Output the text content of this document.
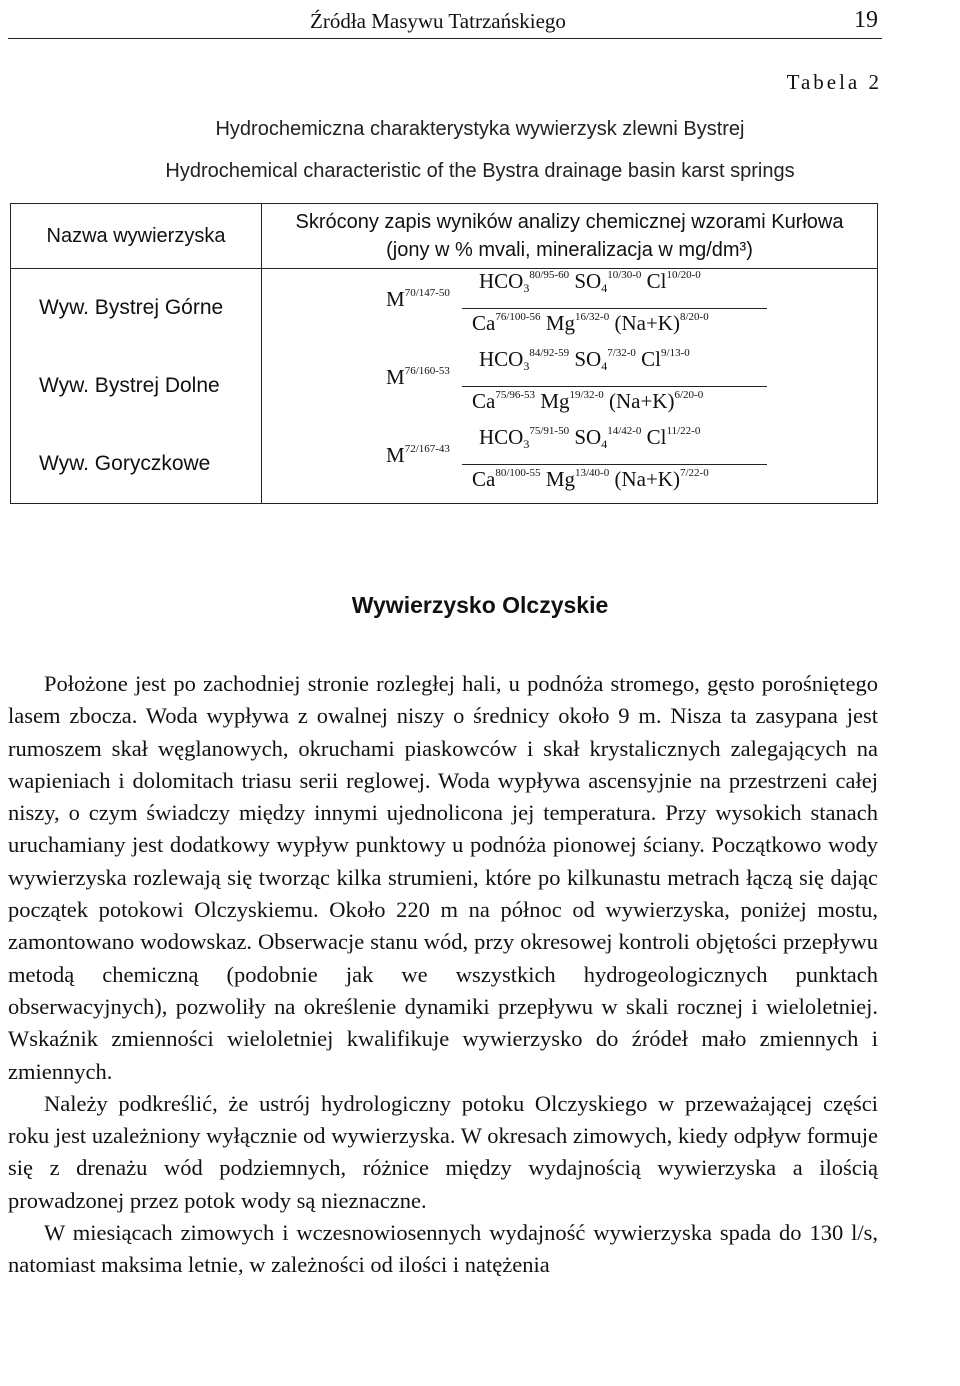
Źródła Masywu Tatrzańskiego	19
Tabela 2
Hydrochemiczna charakterystyka wywierzysk zlewni Bystrej
Hydrochemical characteristic of the Bystra drainage basin karst springs
Nazwa wywierzyska	Skrócony zapis wyników analizy chemicznej wzorami Kurłowa
(jony w % mvali, mineralizacja w mg/dm³)

Wyw. Bystrej Górne	$M^{70/147-50}$ $HCO_3^{80/95-60}$ $SO_4^{10/30-0}$ $Cl^{10/20-0}$
$Ca^{76/100-56}$ $Mg^{16/32-0}$ $(Na+K)^{8/20-0}$

Wyw. Bystrej Dolne	$M^{76/160-53}$ $HCO_3^{84/92-59}$ $SO_4^{7/32-0}$ $Cl^{9/13-0}$
$Ca^{75/96-53}$ $Mg^{19/32-0}$ $(Na+K)^{6/20-0}$

Wyw. Goryczkowe	$M^{72/167-43}$ $HCO_3^{75/91-50}$ $SO_4^{14/42-0}$ $Cl^{11/22-0}$
$Ca^{80/100-55}$ $Mg^{13/40-0}$ $(Na+K)^{7/22-0}$
Wywierzysko Olczyskie

Położone jest po zachodniej stronie rozległej hali, u podnóża stromego, gęsto porośniętego lasem zbocza. Woda wypływa z owalnej niszy o średnicy około 9 m. Nisza ta zasypana jest rumoszem skał węglanowych, okruchami piaskowców i skał krystalicznych zalegających na wapieniach i dolomitach triasu serii reglowej. Woda wypływa ascensyjnie na przestrzeni całej niszy, o czym świadczy między innymi ujednolicona jej temperatura. Przy wysokich stanach uruchamiany jest dodatkowy wypływ punktowy u podnóża pionowej ściany. Początkowo wody wywierzyska rozlewają się tworząc kilka strumieni, które po kilkunastu metrach łączą się dając początek potokowi Olczyskiemu. Około 220 m na północ od wywierzyska, poniżej mostu, zamontowano wodowskaz. Obserwacje stanu wód, przy okresowej kontroli objętości przepływu metodą chemiczną (podobnie jak we wszystkich hydrogeologicznych punktach obserwacyjnych), pozwoliły na określenie dynamiki przepływu w skali rocznej i wieloletniej. Wskaźnik zmienności wieloletniej kwalifikuje wywierzysko do źródeł mało zmiennych i zmiennych.

Należy podkreślić, że ustrój hydrologiczny potoku Olczyskiego w przeważającej części roku jest uzależniony wyłącznie od wywierzyska. W okresach zimowych, kiedy odpływ formuje się z drenażu wód podziemnych, różnice między wydajnością wywierzyska a ilością prowadzonej przez potok wody są nieznaczne.

W miesiącach zimowych i wczesnowiosennych wydajność wywierzyska spada do 130 l/s, natomiast maksima letnie, w zależności od ilości i natężenia
